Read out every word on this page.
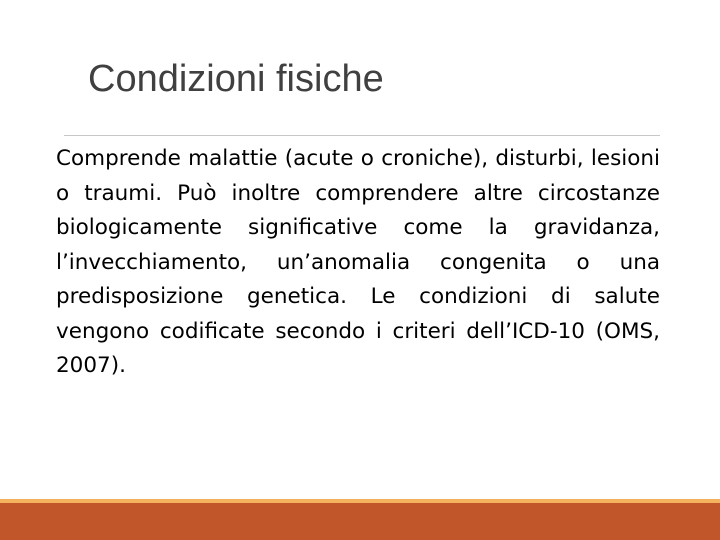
Condizioni fisiche
Comprende malattie (acute o croniche), disturbi, lesioni o traumi. Può inoltre comprendere altre circostanze biologicamente significative come la gravidanza, l’invecchiamento, un’anomalia congenita o una predisposizione genetica. Le condizioni di salute vengono codificate secondo i criteri dell’ICD-10 (OMS, 2007).
